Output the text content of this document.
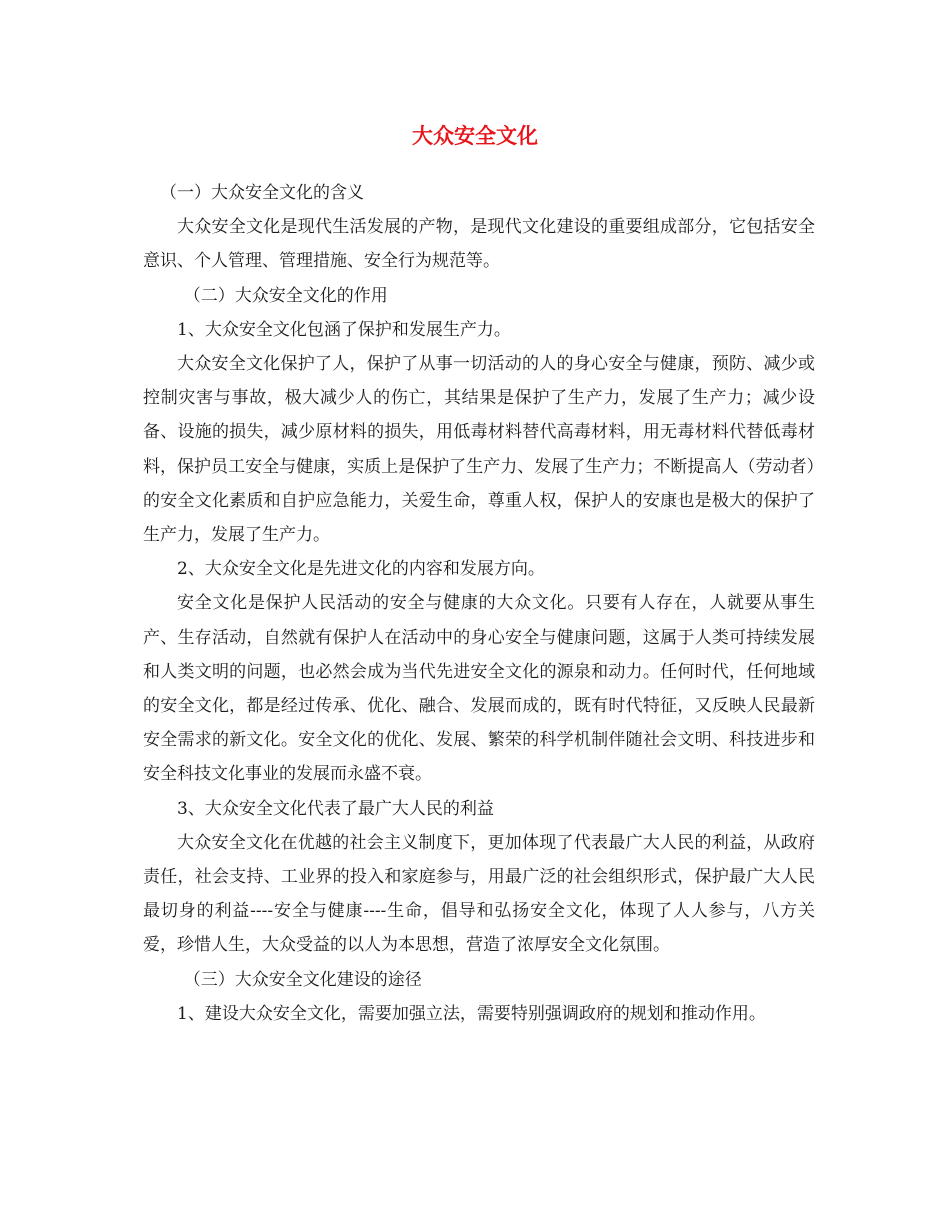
大众安全文化

（一）大众安全文化的含义

大众安全文化是现代生活发展的产物，是现代文化建设的重要组成部分，它包括安全意识、个人管理、管理措施、安全行为规范等。

（二）大众安全文化的作用

1、大众安全文化包涵了保护和发展生产力。

大众安全文化保护了人，保护了从事一切活动的人的身心安全与健康，预防、减少或控制灾害与事故，极大减少人的伤亡，其结果是保护了生产力，发展了生产力；减少设备、设施的损失，减少原材料的损失，用低毒材料替代高毒材料，用无毒材料代替低毒材料，保护员工安全与健康，实质上是保护了生产力、发展了生产力；不断提高人（劳动者）的安全文化素质和自护应急能力，关爱生命，尊重人权，保护人的安康也是极大的保护了生产力，发展了生产力。

2、大众安全文化是先进文化的内容和发展方向。

安全文化是保护人民活动的安全与健康的大众文化。只要有人存在，人就要从事生产、生存活动，自然就有保护人在活动中的身心安全与健康问题，这属于人类可持续发展和人类文明的问题，也必然会成为当代先进安全文化的源泉和动力。任何时代，任何地域的安全文化，都是经过传承、优化、融合、发展而成的，既有时代特征，又反映人民最新安全需求的新文化。安全文化的优化、发展、繁荣的科学机制伴随社会文明、科技进步和安全科技文化事业的发展而永盛不衰。

3、大众安全文化代表了最广大人民的利益

大众安全文化在优越的社会主义制度下，更加体现了代表最广大人民的利益，从政府责任，社会支持、工业界的投入和家庭参与，用最广泛的社会组织形式，保护最广大人民最切身的利益----安全与健康----生命，倡导和弘扬安全文化，体现了人人参与，八方关爱，珍惜人生，大众受益的以人为本思想，营造了浓厚安全文化氛围。

（三）大众安全文化建设的途径

1、建设大众安全文化，需要加强立法，需要特别强调政府的规划和推动作用。
